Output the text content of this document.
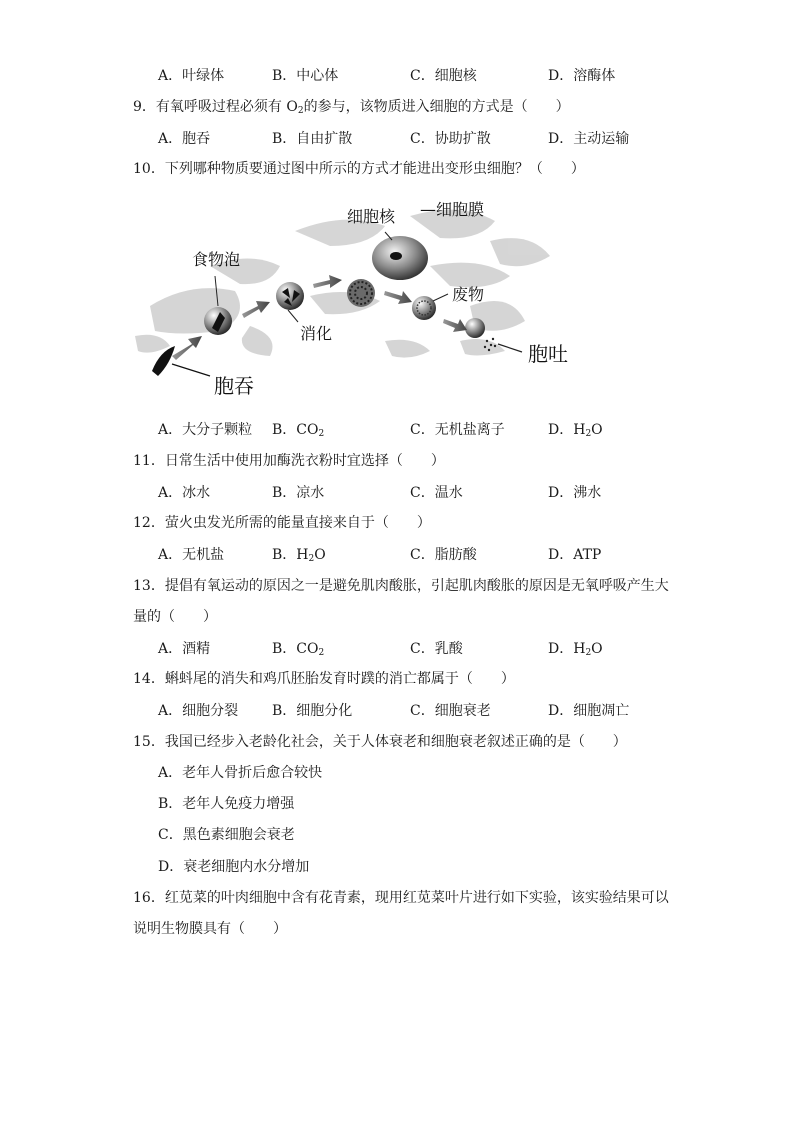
A．叶绿体	B．中心体	C．细胞核	D．溶酶体
9．有氧呼吸过程必须有 $O_2$的参与，该物质进入细胞的方式是（　　）
A．胞吞	B．自由扩散	C．协助扩散	D．主动运输
10．下列哪种物质要通过图中所示的方式才能进出变形虫细胞？（　　）
细胞核 —细胞膜
食物泡
消化
废物
胞吐
胞吞
A．大分子颗粒 B．$CO_2$	C．无机盐离子	D．$H_2O$
11．日常生活中使用加酶洗衣粉时宜选择（　　）
A．冰水	B．凉水	C．温水	D．沸水
12．萤火虫发光所需的能量直接来自于（　　）
A．无机盐	B．$H_2O$	C．脂肪酸	D．ATP
13．提倡有氧运动的原因之一是避免肌肉酸胀，引起肌肉酸胀的原因是无氧呼吸产生大
量的（　　）
A．酒精	B．$CO_2$	C．乳酸	D．$H_2O$
14．蝌蚪尾的消失和鸡爪胚胎发育时蹼的消亡都属于（　　）
A．细胞分裂 B．细胞分化	C．细胞衰老	D．细胞凋亡
15．我国已经步入老龄化社会，关于人体衰老和细胞衰老叙述正确的是（　　）
A．老年人骨折后愈合较快
B．老年人免疫力增强
C．黑色素细胞会衰老
D．衰老细胞内水分增加
16．红苋菜的叶肉细胞中含有花青素，现用红苋菜叶片进行如下实验，该实验结果可以
说明生物膜具有（　　）
